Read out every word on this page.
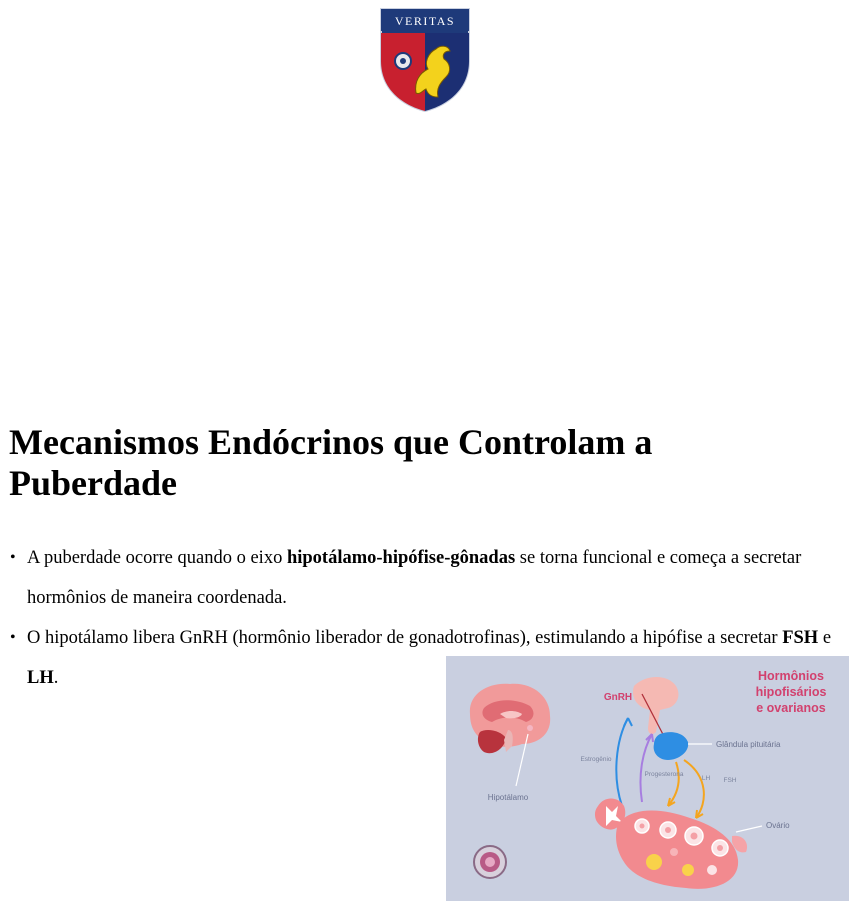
VERITAS
Mecanismos Endócrinos que Controlam a Puberdade
• A puberdade ocorre quando o eixo hipotálamo-hipófise-gônadas se torna funcional e começa a secretar hormônios de maneira coordenada.
• O hipotálamo libera GnRH (hormônio liberador de gonadotrofinas), estimulando a hipófise a secretar FSH e LH.	Hormônios
hipofisários
e ovarianos
Hipotálamo
GnRH
Glândula pituitária
Estrogênio
Progesterona
LH FSH
Ovário
